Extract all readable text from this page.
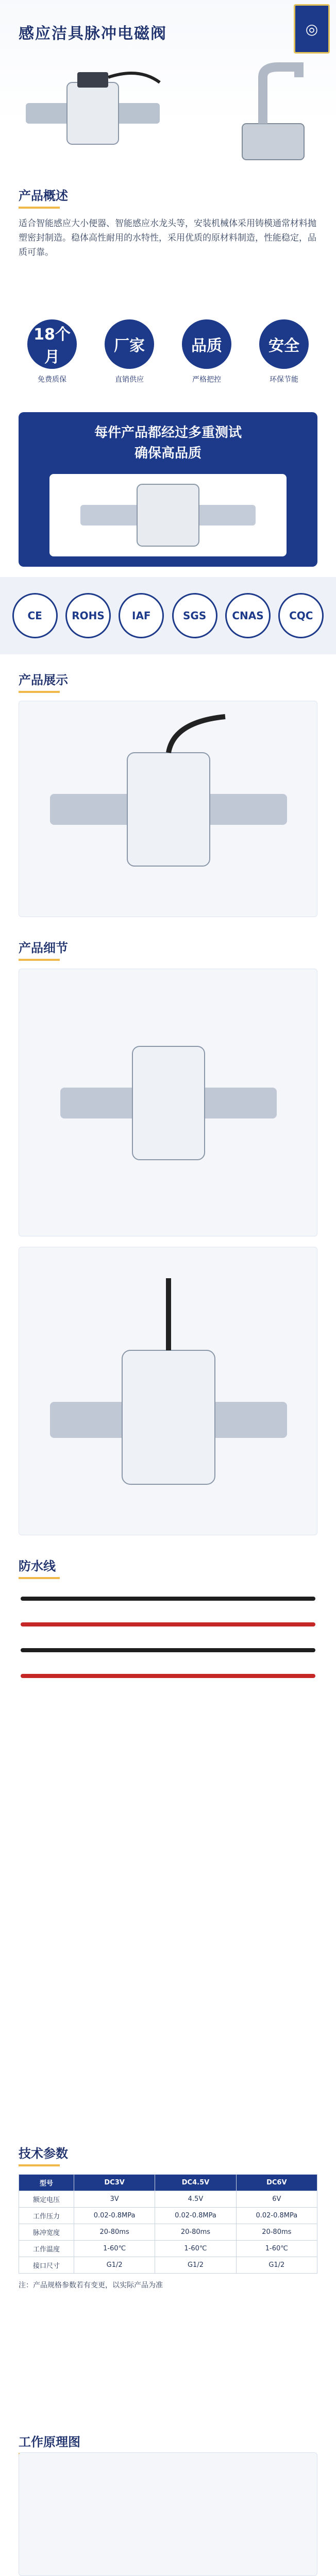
感应洁具脉冲电磁阀	◎
产品概述
适合智能感应大小便器、智能感应水龙头等，安装机械体采用铸模通常材料抛塑密封制造。稳体高性耐用的水特性，采用优质的原材料制造，性能稳定，品质可靠。
18个月
免费质保
厂家
直销供应
品质
严格把控
安全
环保节能
每件产品都经过多重测试
确保高品质
CE	ROHS	IAF	SGS	CNAS	CQC
产品展示
产品细节
防水线
技术参数
型号	DC3V	DC4.5V	DC6V
额定电压	3V	4.5V	6V
工作压力	0.02-0.8MPa	0.02-0.8MPa	0.02-0.8MPa
脉冲宽度	20-80ms	20-80ms	20-80ms
工作温度	1-60℃	1-60℃	1-60℃
接口尺寸	G1/2	G1/2	G1/2
注：产品规格参数若有变更，以实际产品为准
工作原理图
